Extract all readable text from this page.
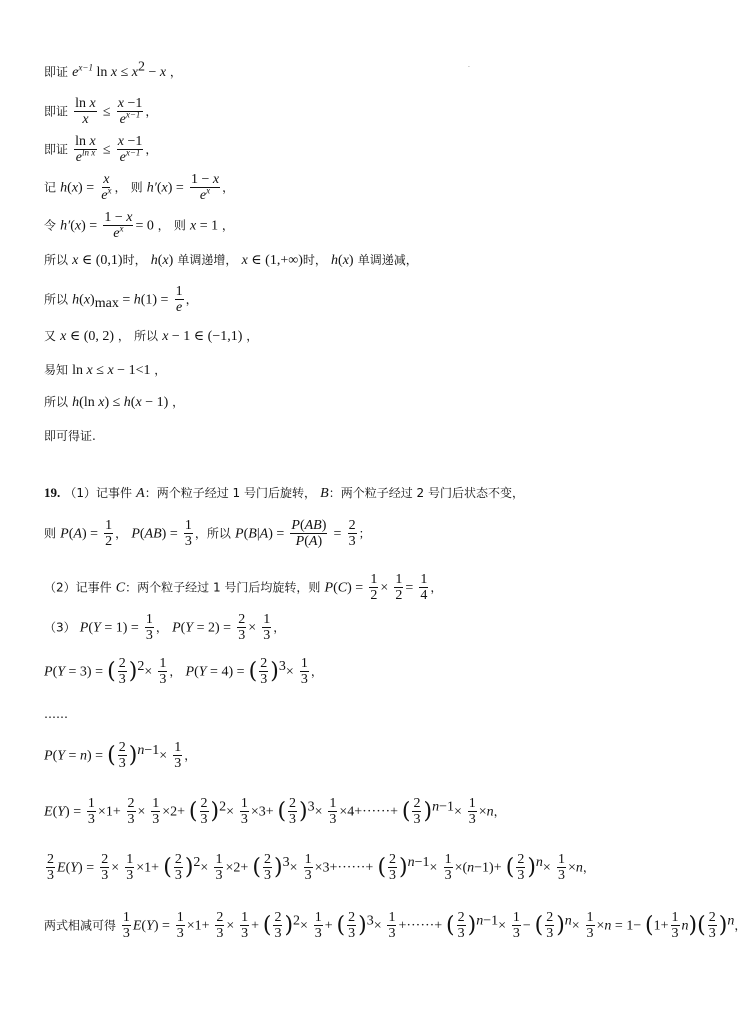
.
即证 $e^{x-1}$ $\ln x \le x^2 - x$ ，
即证 $\frac{\text{ln x}}{x} \le \frac{x -1}{e^{x-1}}$ ，
即证 $\frac{\text{ln x}}{e^{ln x}} \le \frac{x -1}{e^{x-1}}$ ，
记 $h(x) = \frac{x}{e^x}$ ， 则 $h'(x) = \frac{1 - x}{e^x}$ ，
令 $h'(x) = \frac{1 - x}{e^x} = 0$ ， 则 x = 1 ，
所以 x ∈ (0,1)时， h(x) 单调递增， x ∈ (1,+∞)时， h(x) 单调递减，
所以 $h(x)_{max} = h(1) = \frac{1}{e}$ ，
又 x ∈ (0, 2) ， 所以 x − 1 ∈ (−1,1) ，
易知 ln x ≤ x − 1<1 ，
所以 h(ln x) ≤ h(x − 1) ，
即可得证.
19. （1）记事件 A：两个粒子经过 1 号门后旋转， B：两个粒子经过 2 号门后状态不变，
则 $P(A) = \frac{1}{2}$ ， $P(AB) = \frac{1}{3}$ ，所以 $P(B|A) = \frac{P(AB)}{P(A)} = \frac{2}{3}$ ；
（2）记事件 C：两个粒子经过 1 号门后均旋转，则 $P(C) = \frac{1}{2} \times \frac{1}{2} = \frac{1}{4}$ ，
（3） $P(Y = 1) = \frac{1}{3}$ ， $P(Y = 2) = \frac{2}{3} \times \frac{1}{3}$ ，
P(Y = 3) = ( $\frac{2}{3} )^2\times \frac{1}{3}$ ， P(Y = 4) = ( $\frac{2}{3} )^3\times \frac{1}{3}$ ，
……
P(Y = n) = ( $\frac{2}{3} )^{n-1}\times \frac{1}{3}$ ，
$E(Y) = \frac{1}{3} \times 1+ \frac{2}{3} \times \frac{1}{3} \times 2+$ ( $\frac{2}{3} )^2\times \frac{1}{3} \times 3+$ ( $\frac{2}{3} )^3\times \frac{1}{3} \times 4+\cdot\cdot\cdot\cdot\cdot\cdot+$ ( $\frac{2}{3} )^{n-1}\times \frac{1}{3} \times n$，
$\frac{2}{3} E(Y) = \frac{2}{3} \times \frac{1}{3} \times 1+$ ( $\frac{2}{3} )^2\times \frac{1}{3} \times 2+$ ( $\frac{2}{3} )^3\times \frac{1}{3} \times 3+\cdot\cdot\cdot\cdot\cdot\cdot+$ ( $\frac{2}{3} )^{n-1}\times \frac{1}{3} \times(n-1)+$ ( $\frac{2}{3} )^n\times \frac{1}{3} \times n$，
两式相减可得 $\frac{1}{3} E(Y) = \frac{1}{3} \times 1+ \frac{2}{3} \times \frac{1}{3}$ + ( $\frac{2}{3} )^2\times \frac{1}{3}$ + ( $\frac{2}{3} )^3\times \frac{1}{3}$ +······+ ( $\frac{2}{3} )^{n-1}\times \frac{1}{3}$ − ( $\frac{2}{3} )^n\times \frac{1}{3} \times n = 1- (1+ \frac{1}{3} n)( \frac{2}{3} )^n$，
